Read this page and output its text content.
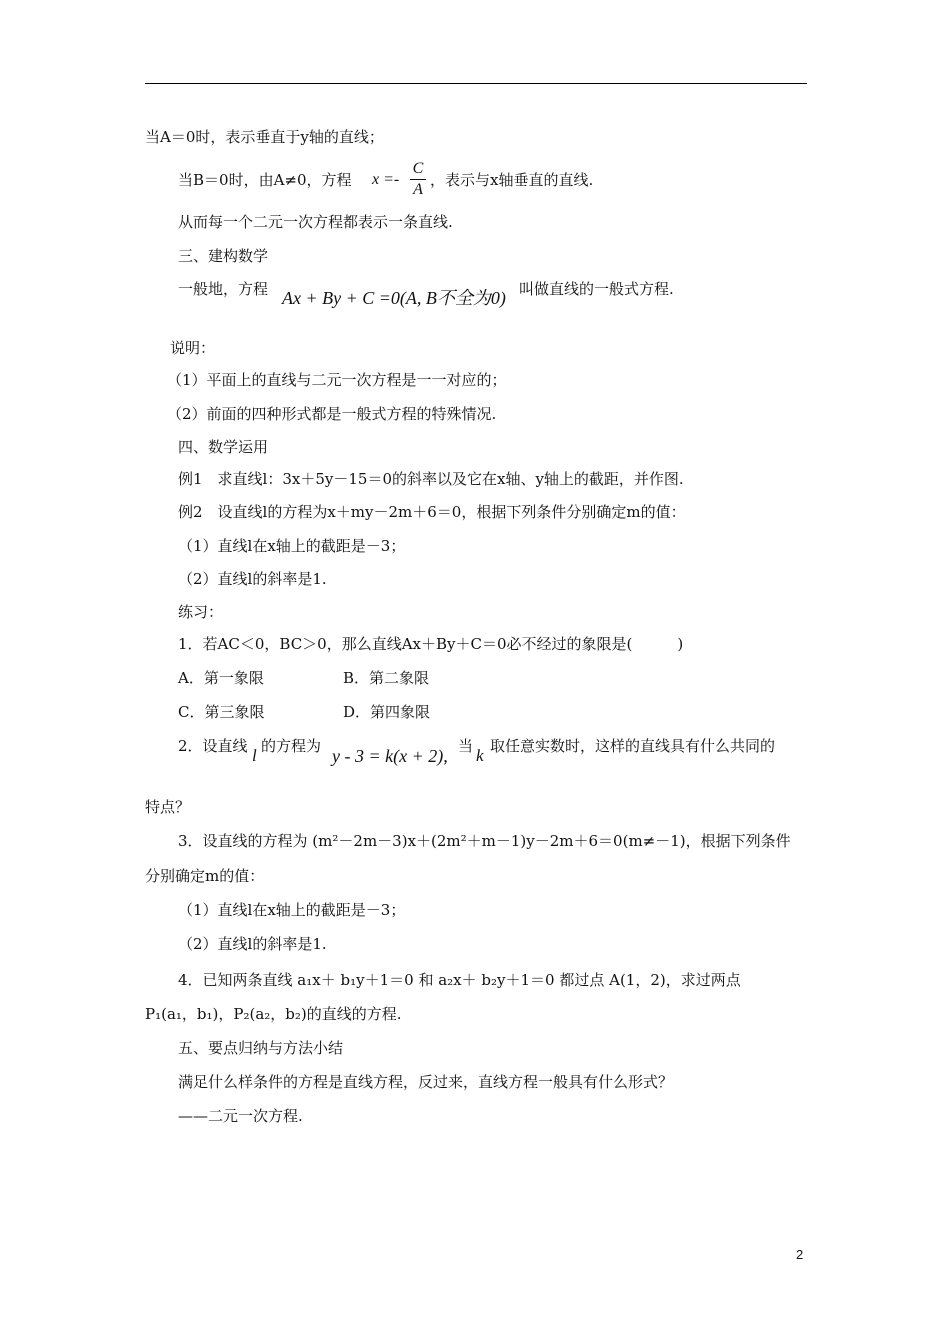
当A＝0时，表示垂直于y轴的直线；
当B＝0时，由A≠0，方程 x =-
C
A
，表示与x轴垂直的直线.
从而每一个二元一次方程都表示一条直线.
三、建构数学
一般地，方程 Ax + By + C =0(A, B不全为0) 叫做直线的一般式方程.
说明：
（1）平面上的直线与二元一次方程是一一对应的；
（2）前面的四种形式都是一般式方程的特殊情况.
四、数学运用
例1　求直线l：3x＋5y－15＝0的斜率以及它在x轴、y轴上的截距，并作图.
例2　设直线l的方程为x＋my－2m＋6＝0，根据下列条件分别确定m的值：
（1）直线l在x轴上的截距是－3；
（2）直线l的斜率是1.
练习：
1．若AC＜0，BC＞0，那么直线Ax＋By＋C＝0必不经过的象限是(　　　)
A．第一象限	B．第二象限
C．第三象限	D．第四象限
2．设直线 l 的方程为 y - 3 = k(x + 2), 当 k 取任意实数时，这样的直线具有什么共同的
特点？
3．设直线的方程为 (m²－2m－3)x＋(2m²＋m－1)y－2m＋6＝0(m≠－1)，根据下列条件
分别确定m的值：
（1）直线l在x轴上的截距是－3；
（2）直线l的斜率是1.
4．已知两条直线 a₁x＋ b₁y＋1＝0 和 a₂x＋ b₂y＋1＝0 都过点 A(1，2)，求过两点
P₁(a₁，b₁)，P₂(a₂，b₂)的直线的方程.
五、要点归纳与方法小结
满足什么样条件的方程是直线方程，反过来，直线方程一般具有什么形式？
——二元一次方程.
2
